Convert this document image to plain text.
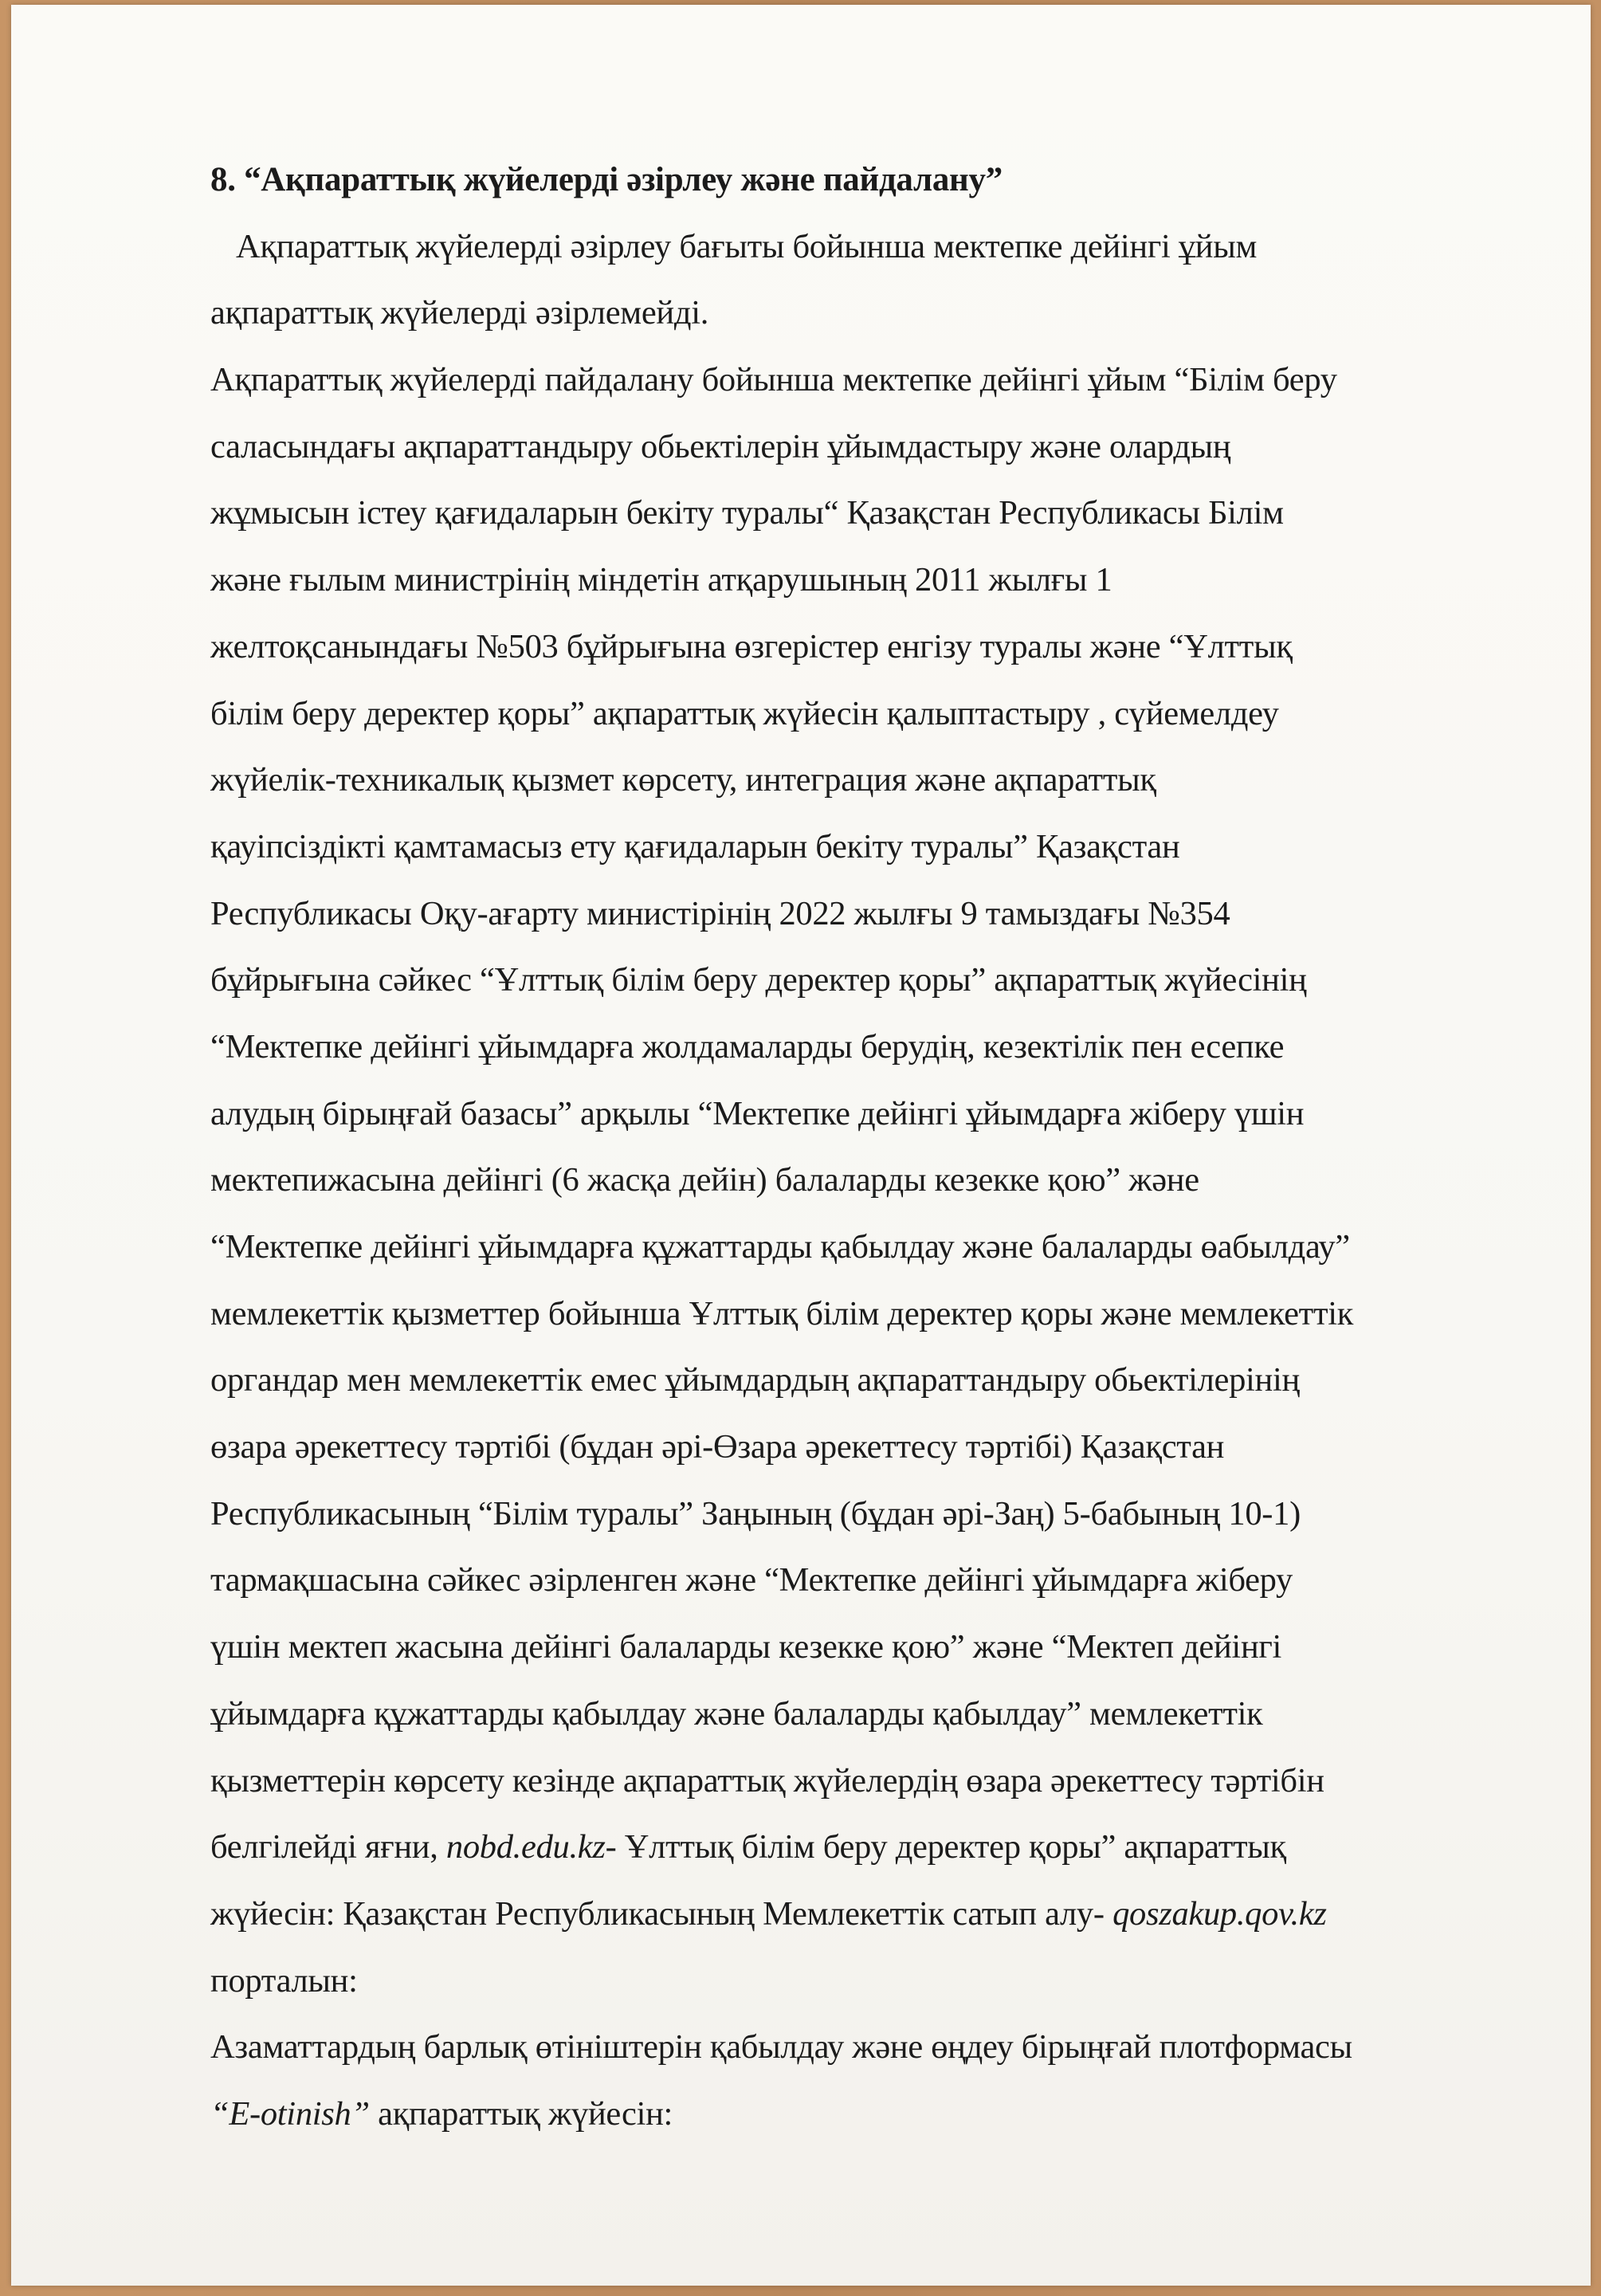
8. “Ақпараттық жүйелерді әзірлеу және пайдалану”
Ақпараттық жүйелерді әзірлеу бағыты бойынша мектепке дейінгі ұйым
ақпараттық жүйелерді әзірлемейді.
Ақпараттық жүйелерді пайдалану бойынша мектепке дейінгі ұйым “Білім беру
саласындағы ақпараттандыру обьектілерін ұйымдастыру және олардың
жұмысын істеу қағидаларын бекіту туралы“ Қазақстан Республикасы Білім
және ғылым министрінің міндетін атқарушының 2011 жылғы 1
желтоқсанындағы №503 бұйрығына өзгерістер енгізу туралы және “Ұлттық
білім беру деректер қоры” ақпараттық жүйесін қалыптастыру , сүйемелдеу
жүйелік-техникалық қызмет көрсету, интеграция және ақпараттық
қауіпсіздікті қамтамасыз ету қағидаларын бекіту туралы” Қазақстан
Республикасы Оқу-ағарту министірінің 2022 жылғы 9 тамыздағы №354
бұйрығына сәйкес “Ұлттық білім беру деректер қоры” ақпараттық жүйесінің
“Мектепке дейінгі ұйымдарға жолдамаларды берудің, кезектілік пен есепке
алудың бірыңғай базасы” арқылы “Мектепке дейінгі ұйымдарға жіберу үшін
мектепижасына дейінгі (6 жасқа дейін) балаларды кезекке қою” және
“Мектепке дейінгі ұйымдарға құжаттарды қабылдау және балаларды өабылдау”
мемлекеттік қызметтер бойынша Ұлттық білім деректер қоры және мемлекеттік
органдар мен мемлекеттік емес ұйымдардың ақпараттандыру обьектілерінің
өзара әрекеттесу тәртібі (бұдан әрі-Өзара әрекеттесу тәртібі) Қазақстан
Республикасының “Білім туралы” Заңының (бұдан әрі-Заң) 5-бабының 10-1)
тармақшасына сәйкес әзірленген және “Мектепке дейінгі ұйымдарға жіберу
үшін мектеп жасына дейінгі балаларды кезекке қою” және “Мектеп дейінгі
ұйымдарға құжаттарды қабылдау және балаларды қабылдау” мемлекеттік
қызметтерін көрсету кезінде ақпараттық жүйелердің өзара әрекеттесу тәртібін
белгілейді яғни, nobd.edu.kz- Ұлттық білім беру деректер қоры” ақпараттық
жүйесін: Қазақстан Республикасының Мемлекеттік сатып алу- qoszakup.qov.kz
порталын:
Азаматтардың барлық өтініштерін қабылдау және өңдеу бірыңғай плотформасы
“E-otinish” ақпараттық жүйесін:
